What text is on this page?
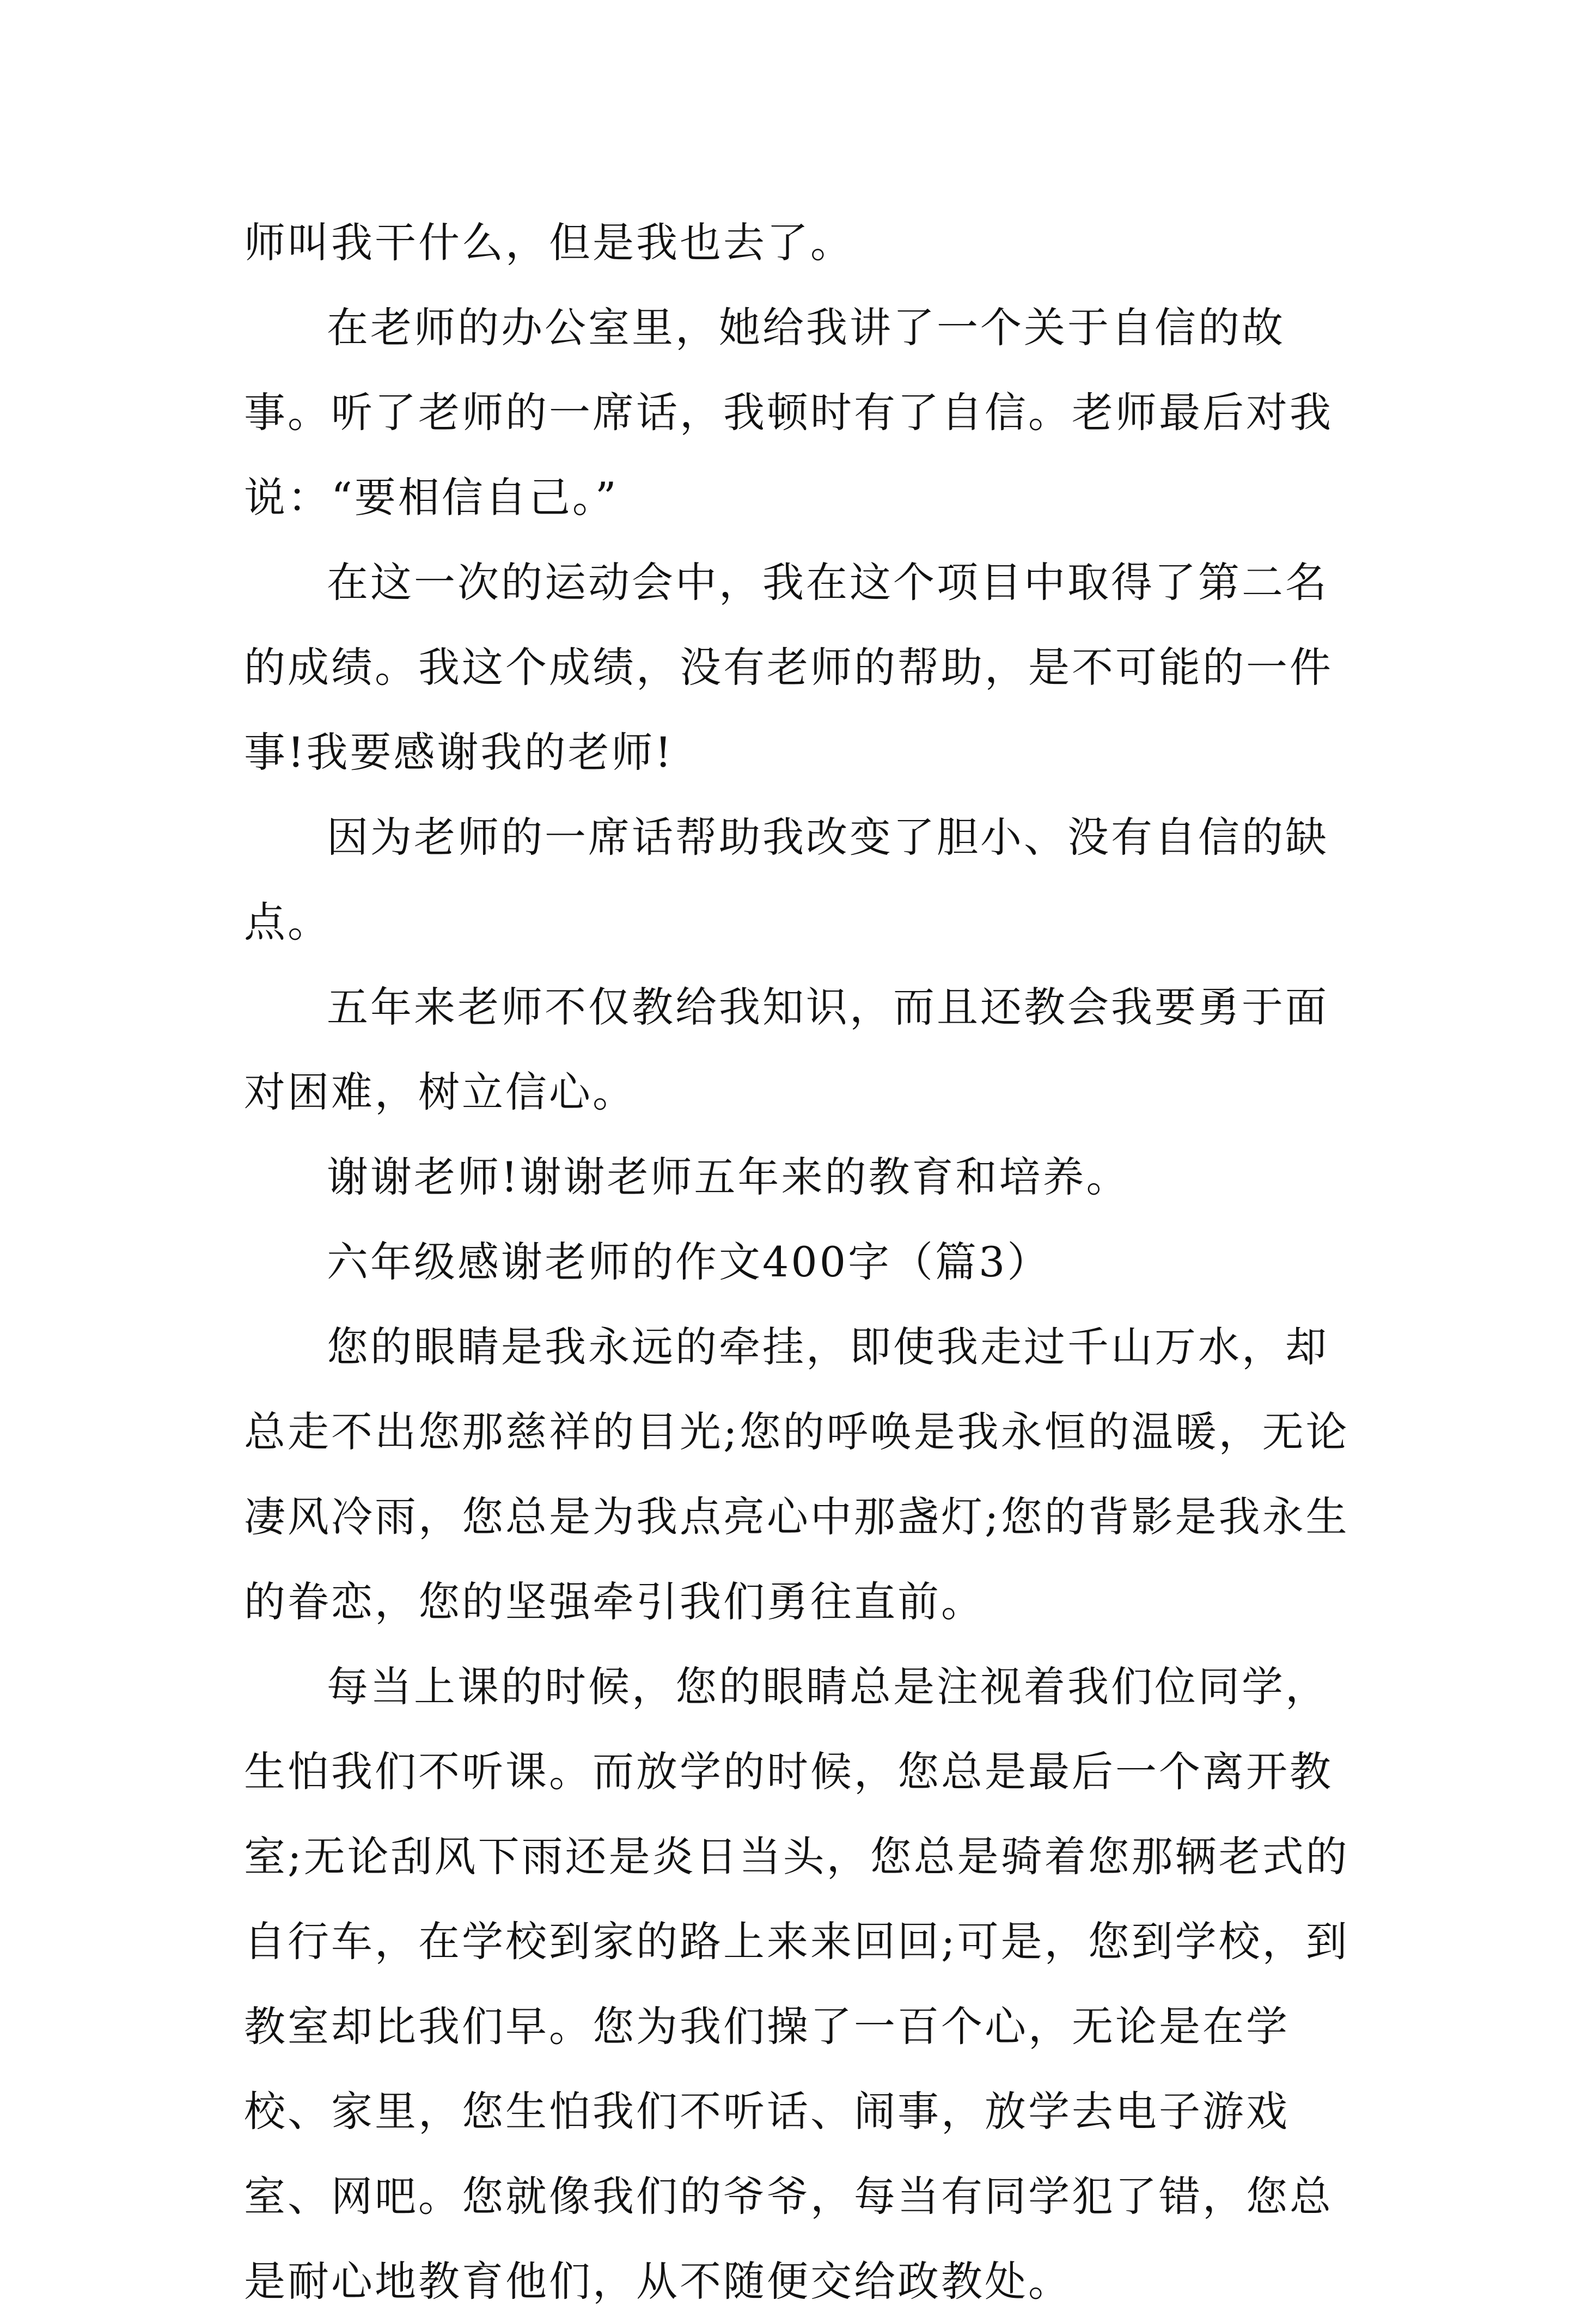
师叫我干什么，但是我也去了。

在老师的办公室里，她给我讲了一个关于自信的故事。听了老师的一席话，我顿时有了自信。老师最后对我说：“要相信自己。”

在这一次的运动会中，我在这个项目中取得了第二名的成绩。我这个成绩，没有老师的帮助，是不可能的一件事!我要感谢我的老师!

因为老师的一席话帮助我改变了胆小、没有自信的缺点。

五年来老师不仅教给我知识，而且还教会我要勇于面对困难，树立信心。

谢谢老师!谢谢老师五年来的教育和培养。

六年级感谢老师的作文400字（篇3）

您的眼睛是我永远的牵挂，即使我走过千山万水，却总走不出您那慈祥的目光;您的呼唤是我永恒的温暖，无论凄风冷雨，您总是为我点亮心中那盏灯;您的背影是我永生的眷恋，您的坚强牵引我们勇往直前。

每当上课的时候，您的眼睛总是注视着我们位同学，生怕我们不听课。而放学的时候，您总是最后一个离开教室;无论刮风下雨还是炎日当头，您总是骑着您那辆老式的自行车，在学校到家的路上来来回回;可是，您到学校，到教室却比我们早。您为我们操了一百个心，无论是在学校、家里，您生怕我们不听话、闹事，放学去电子游戏室、网吧。您就像我们的爷爷，每当有同学犯了错，您总是耐心地教育他们，从不随便交给政教处。
